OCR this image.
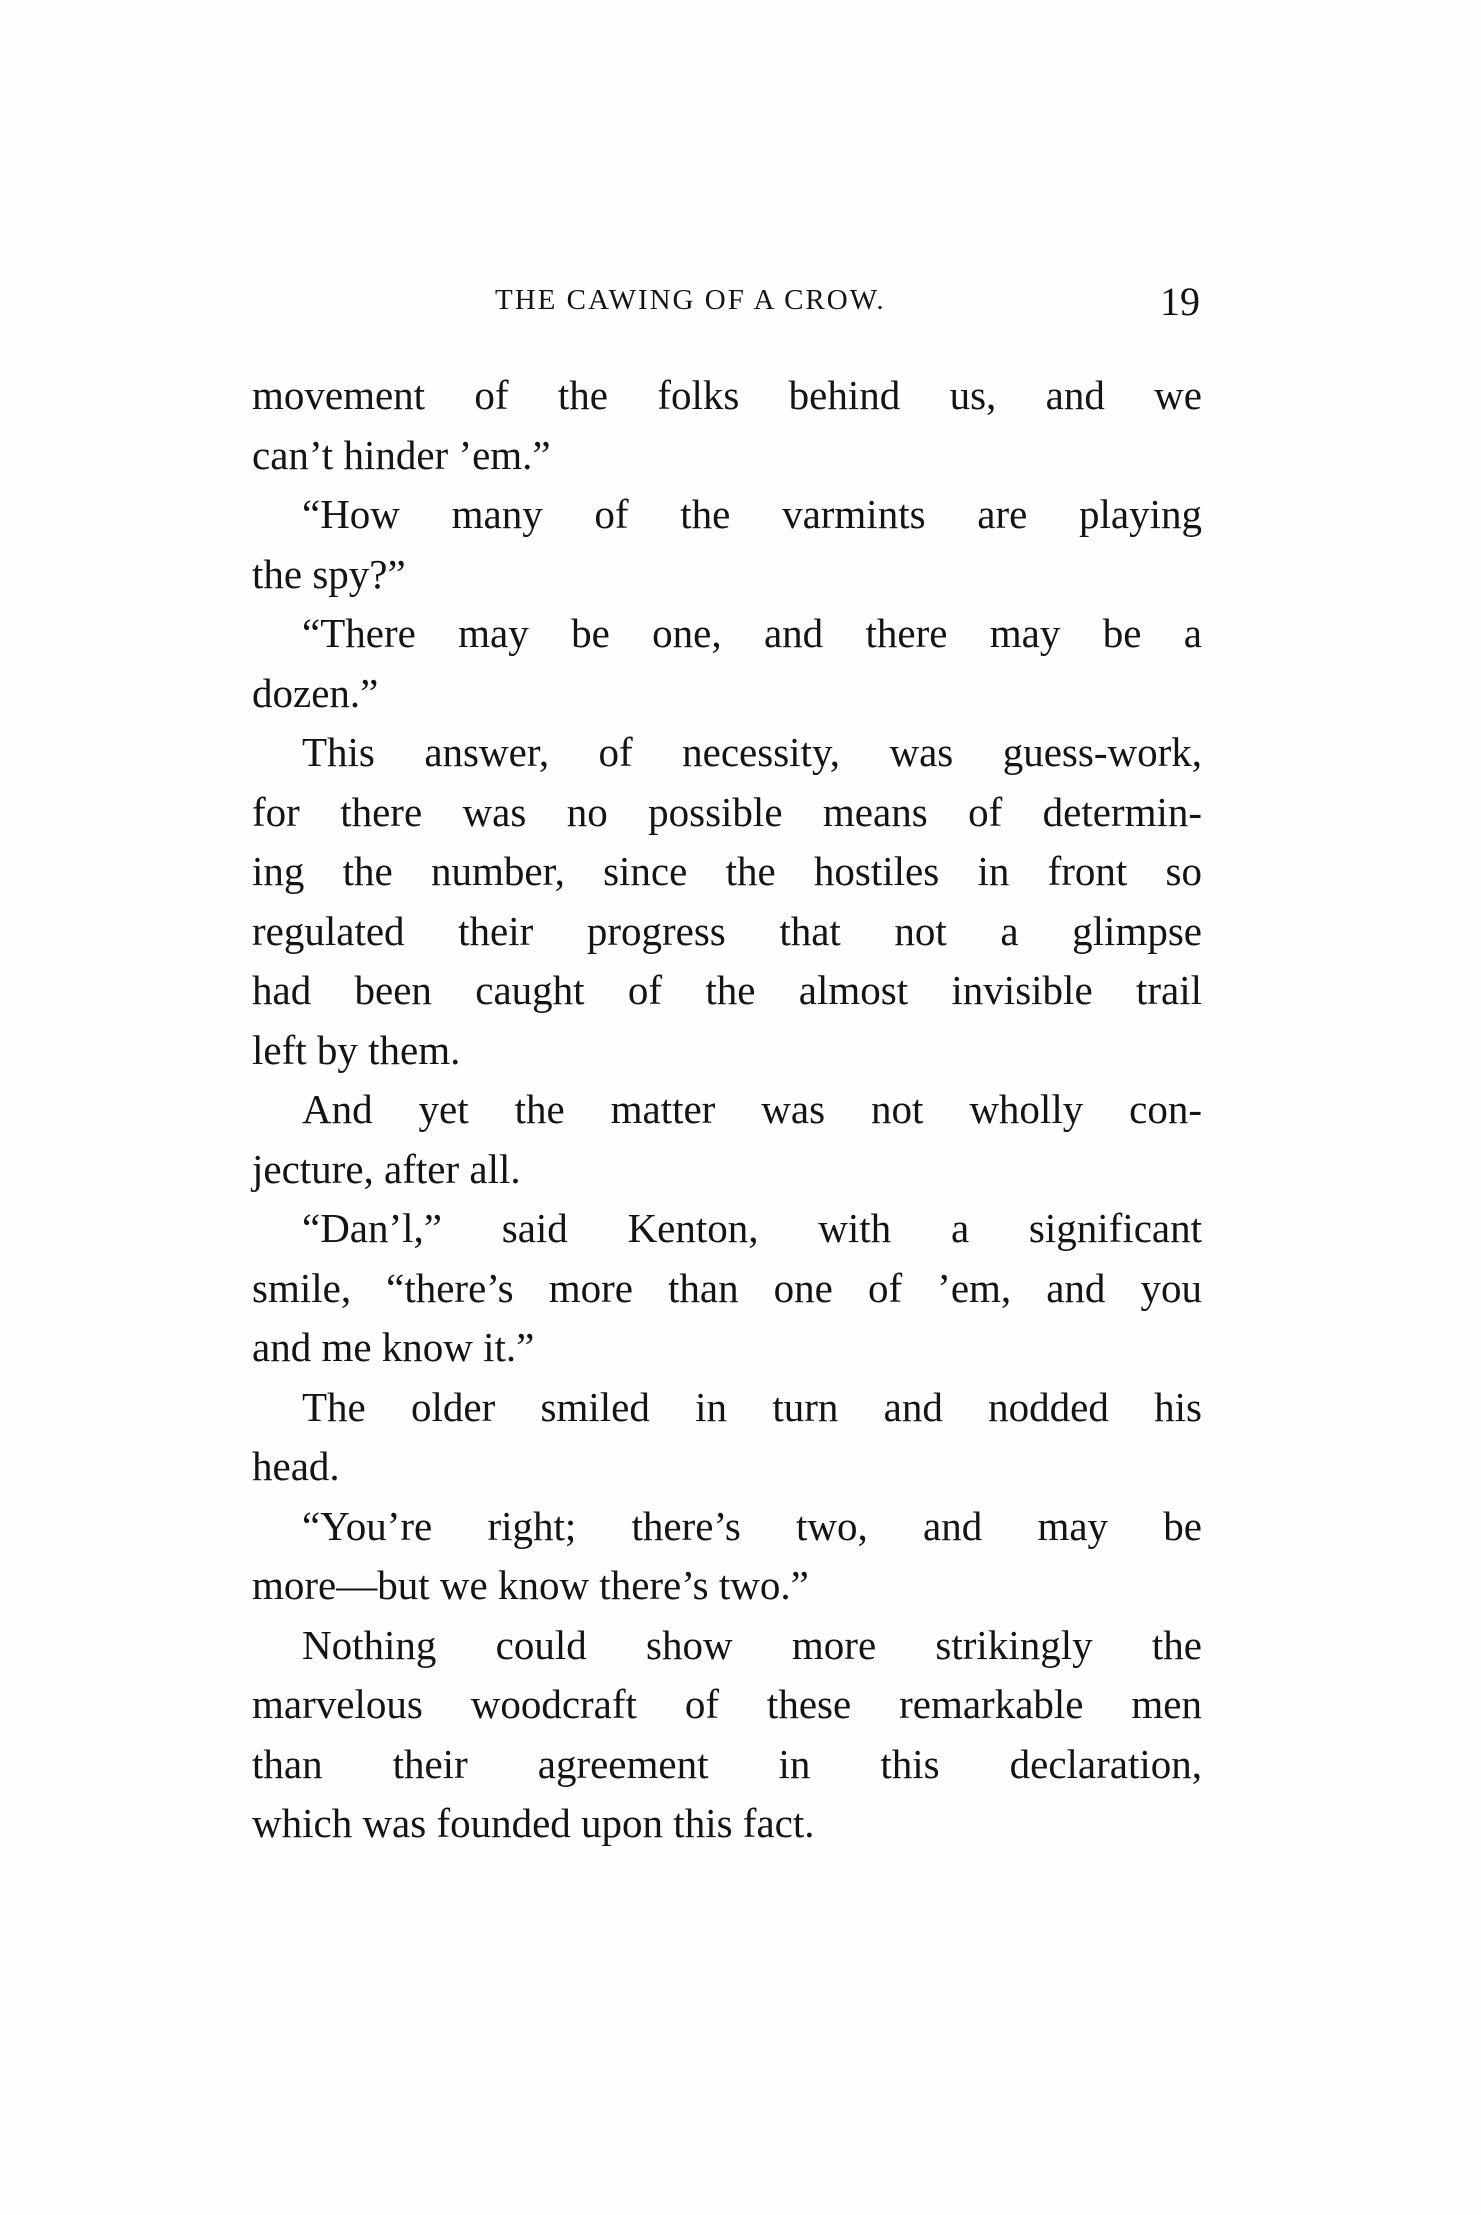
THE CAWING OF A CROW.	19
movement of the folks behind us, and we
can’t hinder ’em.”
“How many of the varmints are playing
the spy?”
“There may be one, and there may be a
dozen.”
This answer, of necessity, was guess-work,
for there was no possible means of determin-
ing the number, since the hostiles in front so
regulated their progress that not a glimpse
had been caught of the almost invisible trail
left by them.
And yet the matter was not wholly con-
jecture, after all.
“Dan’l,” said Kenton, with a significant
smile, “there’s more than one of ’em, and you
and me know it.”
The older smiled in turn and nodded his
head.
“You’re right; there’s two, and may be
more—but we know there’s two.”
Nothing could show more strikingly the
marvelous woodcraft of these remarkable men
than their agreement in this declaration,
which was founded upon this fact.
